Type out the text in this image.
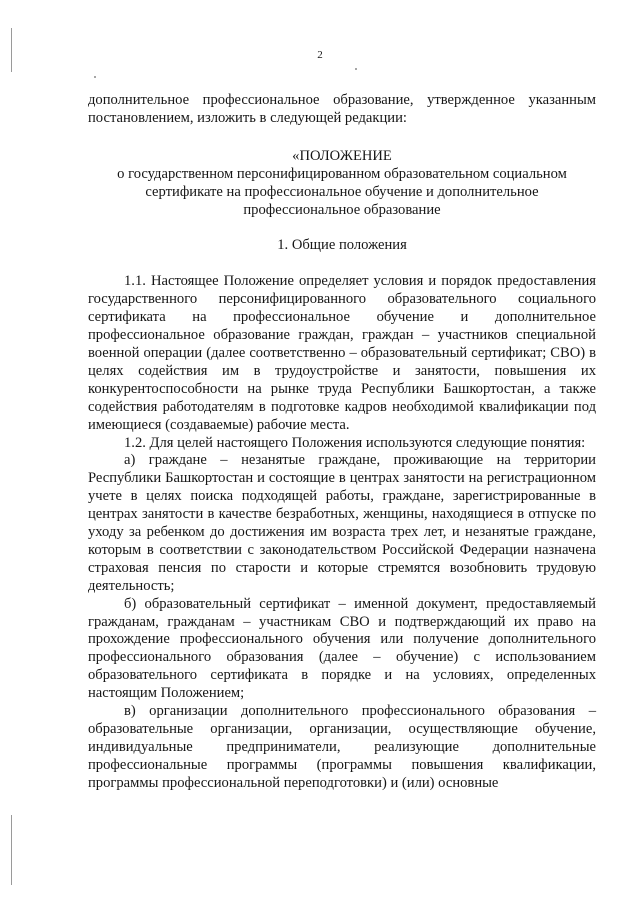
2

дополнительное профессиональное образование, утвержденное указанным постановлением, изложить в следующей редакции:

«ПОЛОЖЕНИЕ
о государственном персонифицированном образовательном социальном сертификате на профессиональное обучение и дополнительное профессиональное образование

1. Общие положения

1.1. Настоящее Положение определяет условия и порядок предоставления государственного персонифицированного образовательного социального сертификата на профессиональное обучение и дополнительное профессиональное образование граждан, граждан – участников специальной военной операции (далее соответственно – образовательный сертификат; СВО) в целях содействия им в трудоустройстве и занятости, повышения их конкурентоспособности на рынке труда Республики Башкортостан, а также содействия работодателям в подготовке кадров необходимой квалификации под имеющиеся (создаваемые) рабочие места.

1.2. Для целей настоящего Положения используются следующие понятия:

а) граждане – незанятые граждане, проживающие на территории Республики Башкортостан и состоящие в центрах занятости на регистрационном учете в целях поиска подходящей работы, граждане, зарегистрированные в центрах занятости в качестве безработных, женщины, находящиеся в отпуске по уходу за ребенком до достижения им возраста трех лет, и незанятые граждане, которым в соответствии с законодательством Российской Федерации назначена страховая пенсия по старости и которые стремятся возобновить трудовую деятельность;

б) образовательный сертификат – именной документ, предоставляемый гражданам, гражданам – участникам СВО и подтверждающий их право на прохождение профессионального обучения или получение дополнительного профессионального образования (далее – обучение) с использованием образовательного сертификата в порядке и на условиях, определенных настоящим Положением;

в) организации дополнительного профессионального образования – образовательные организации, организации, осуществляющие обучение, индивидуальные предприниматели, реализующие дополнительные профессиональные программы (программы повышения квалификации, программы профессиональной переподготовки) и (или) основные
